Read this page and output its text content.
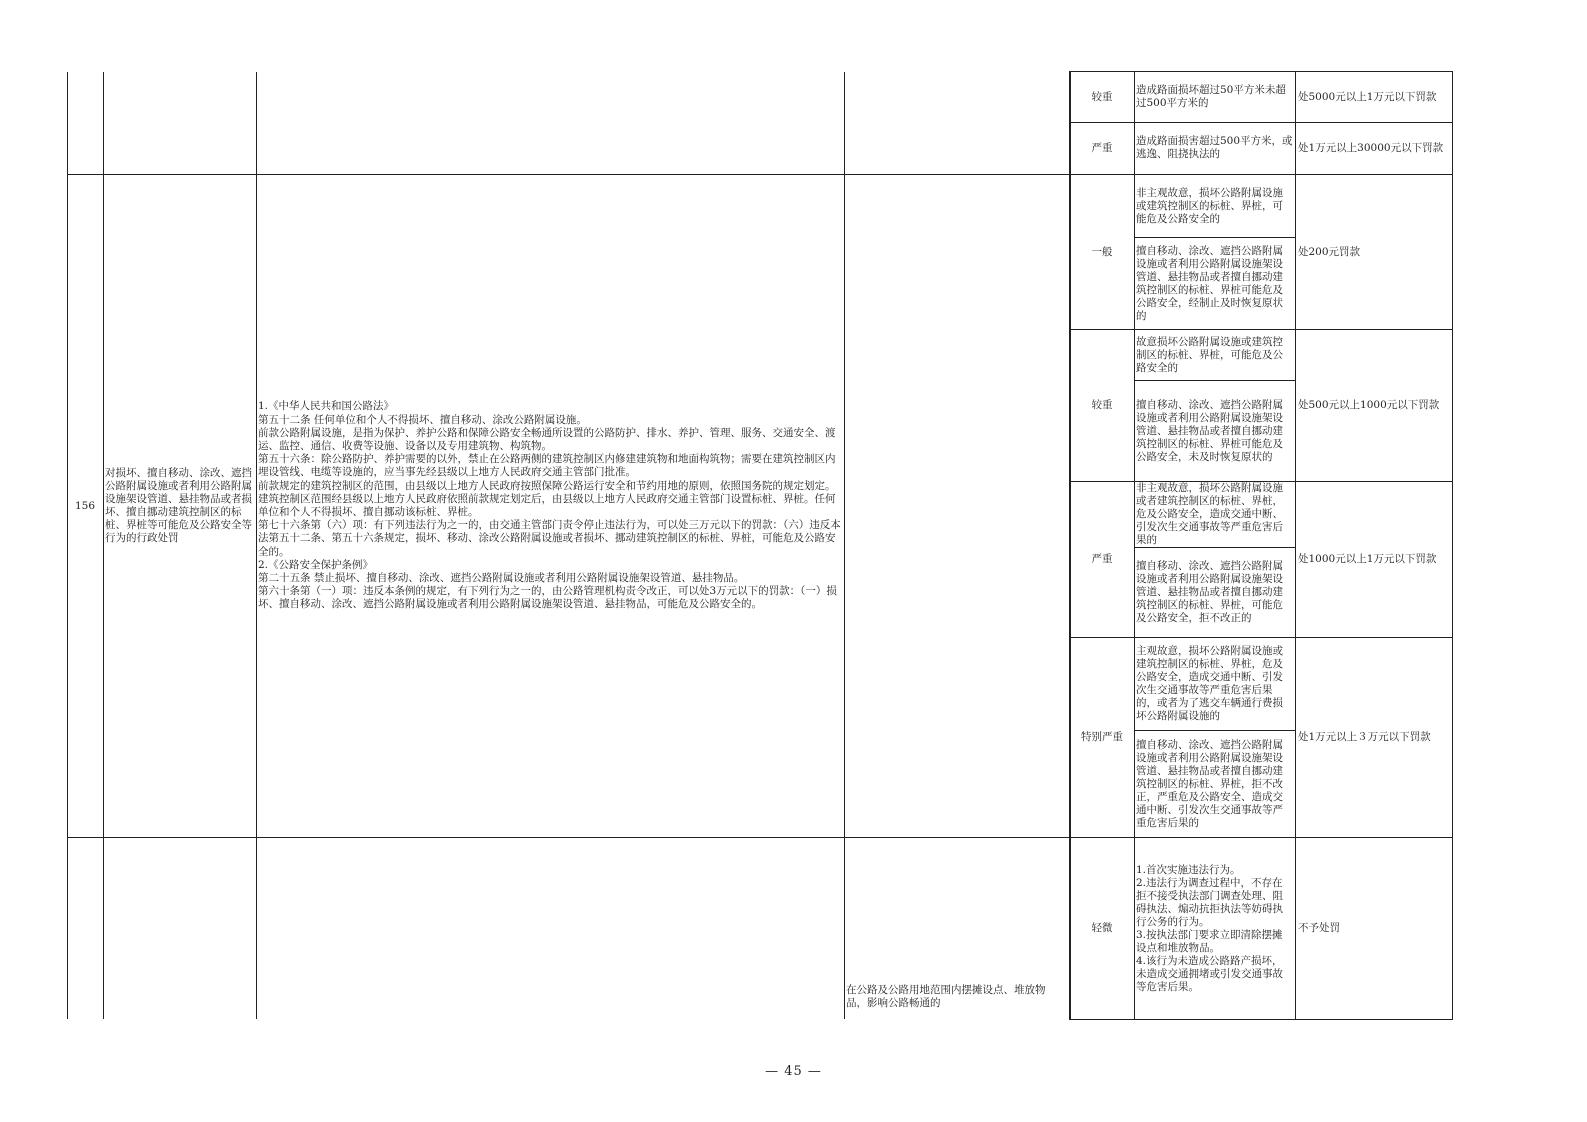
较重
造成路面损坏超过50平方米未超过500平方米的
处5000元以上1万元以下罚款
严重
造成路面损害超过500平方米，或逃逸、阻挠执法的
处1万元以上30000元以下罚款
156
对损坏、擅自移动、涂改、遮挡公路附属设施或者利用公路附属设施架设管道、悬挂物品或者损坏、擅自挪动建筑控制区的标桩、界桩等可能危及公路安全等行为的行政处罚
1.《中华人民共和国公路法》
第五十二条 任何单位和个人不得损坏、擅自移动、涂改公路附属设施。
前款公路附属设施，是指为保护、养护公路和保障公路安全畅通所设置的公路防护、排水、养护、管理、服务、交通安全、渡运、监控、通信、收费等设施、设备以及专用建筑物、构筑物。
第五十六条：除公路防护、养护需要的以外，禁止在公路两侧的建筑控制区内修建建筑物和地面构筑物；需要在建筑控制区内埋设管线、电缆等设施的，应当事先经县级以上地方人民政府交通主管部门批准。
前款规定的建筑控制区的范围，由县级以上地方人民政府按照保障公路运行安全和节约用地的原则，依照国务院的规定划定。
建筑控制区范围经县级以上地方人民政府依照前款规定划定后，由县级以上地方人民政府交通主管部门设置标桩、界桩。任何单位和个人不得损坏、擅自挪动该标桩、界桩。
第七十六条第（六）项：有下列违法行为之一的，由交通主管部门责令停止违法行为，可以处三万元以下的罚款：（六）违反本法第五十二条、第五十六条规定，损坏、移动、涂改公路附属设施或者损坏、挪动建筑控制区的标桩、界桩，可能危及公路安全的。
2.《公路安全保护条例》
第二十五条 禁止损坏、擅自移动、涂改、遮挡公路附属设施或者利用公路附属设施架设管道、悬挂物品。
第六十条第（一）项：违反本条例的规定，有下列行为之一的，由公路管理机构责令改正，可以处3万元以下的罚款：（一）损坏、擅自移动、涂改、遮挡公路附属设施或者利用公路附属设施架设管道、悬挂物品，可能危及公路安全的。
一般
非主观故意，损坏公路附属设施或建筑控制区的标桩、界桩，可能危及公路安全的
擅自移动、涂改、遮挡公路附属设施或者利用公路附属设施架设管道、悬挂物品或者擅自挪动建筑控制区的标桩、界桩可能危及公路安全，经制止及时恢复原状的
处200元罚款
较重
故意损坏公路附属设施或建筑控制区的标桩、界桩，可能危及公路安全的
擅自移动、涂改、遮挡公路附属设施或者利用公路附属设施架设管道、悬挂物品或者擅自挪动建筑控制区的标桩、界桩可能危及公路安全，未及时恢复原状的
处500元以上1000元以下罚款
严重
非主观故意，损坏公路附属设施或者建筑控制区的标桩、界桩，危及公路安全，造成交通中断、引发次生交通事故等严重危害后果的
擅自移动、涂改、遮挡公路附属设施或者利用公路附属设施架设管道、悬挂物品或者擅自挪动建筑控制区的标桩、界桩，可能危及公路安全，拒不改正的
处1000元以上1万元以下罚款
特别严重
主观故意，损坏公路附属设施或建筑控制区的标桩、界桩，危及公路安全，造成交通中断、引发次生交通事故等严重危害后果的，或者为了逃交车辆通行费损坏公路附属设施的
擅自移动、涂改、遮挡公路附属设施或者利用公路附属设施架设管道、悬挂物品或者擅自挪动建筑控制区的标桩、界桩，拒不改正，严重危及公路安全、造成交通中断、引发次生交通事故等严重危害后果的
处1万元以上３万元以下罚款
在公路及公路用地范围内摆摊设点、堆放物品，影响公路畅通的
轻微
1.首次实施违法行为。
2.违法行为调查过程中，不存在拒不接受执法部门调查处理、阻碍执法、煽动抗拒执法等妨碍执行公务的行为。
3.按执法部门要求立即清除摆摊设点和堆放物品。
4.该行为未造成公路路产损坏，未造成交通拥堵或引发交通事故等危害后果。
不予处罚
— 45 —
